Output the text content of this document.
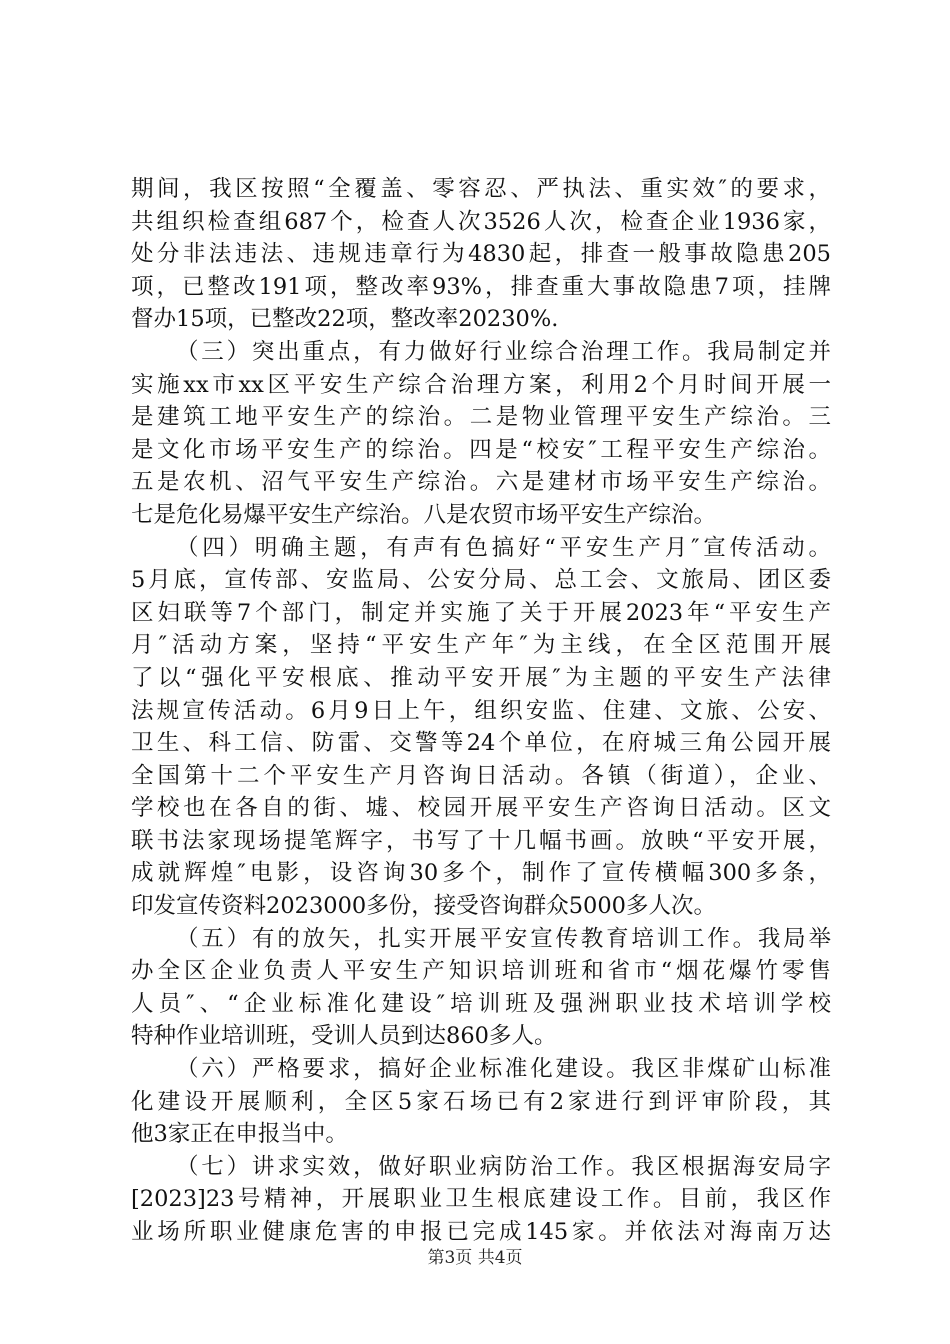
期间，我区按照“全覆盖、零容忍、严执法、重实效″的要求，
共组织检查组687个，检查人次3526人次，检查企业1936家，
处分非法违法、违规违章行为4830起，排查一般事故隐患205
项，已整改191项，整改率93%，排查重大事故隐患7项，挂牌
督办15项，已整改22项，整改率20230%.
（三）突出重点，有力做好行业综合治理工作。我局制定并
实施xx市xx区平安生产综合治理方案，利用2个月时间开展一
是建筑工地平安生产的综治。二是物业管理平安生产综治。三
是文化市场平安生产的综治。四是“校安″工程平安生产综治。
五是农机、沼气平安生产综治。六是建材市场平安生产综治。
七是危化易爆平安生产综治。八是农贸市场平安生产综治。
（四）明确主题，有声有色搞好“平安生产月″宣传活动。
5月底，宣传部、安监局、公安分局、总工会、文旅局、团区委
区妇联等7个部门，制定并实施了关于开展2023年“平安生产
月″活动方案，坚持“平安生产年″为主线，在全区范围开展
了以“强化平安根底、推动平安开展″为主题的平安生产法律
法规宣传活动。6月9日上午，组织安监、住建、文旅、公安、
卫生、科工信、防雷、交警等24个单位，在府城三角公园开展
全国第十二个平安生产月咨询日活动。各镇（街道），企业、
学校也在各自的街、墟、校园开展平安生产咨询日活动。区文
联书法家现场提笔辉字，书写了十几幅书画。放映“平安开展，
成就辉煌″电影，设咨询30多个，制作了宣传横幅300多条，
印发宣传资料2023000多份，接受咨询群众5000多人次。
（五）有的放矢，扎实开展平安宣传教育培训工作。我局举
办全区企业负责人平安生产知识培训班和省市“烟花爆竹零售
人员″、“企业标准化建设″培训班及强洲职业技术培训学校
特种作业培训班，受训人员到达860多人。
（六）严格要求，搞好企业标准化建设。我区非煤矿山标准
化建设开展顺利，全区5家石场已有2家进行到评审阶段，其
他3家正在申报当中。
（七）讲求实效，做好职业病防治工作。我区根据海安局字
[2023]23号精神，开展职业卫生根底建设工作。目前，我区作
业场所职业健康危害的申报已完成145家。并依法对海南万达
第3页 共4页
